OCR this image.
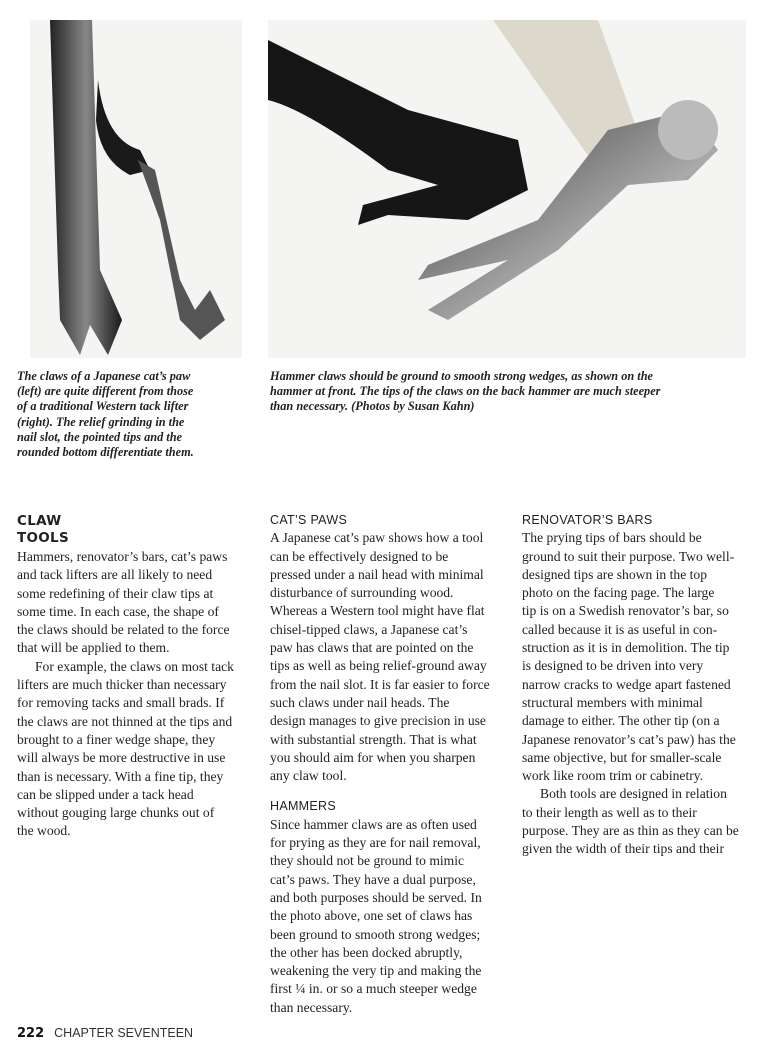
The claws of a Japanese cat’s paw
(left) are quite different from those
of a traditional Western tack lifter
(right). The relief grinding in the
nail slot, the pointed tips and the
rounded bottom differentiate them.
Hammer claws should be ground to smooth strong wedges, as shown on the
hammer at front. The tips of the claws on the back hammer are much steeper
than necessary. (Photos by Susan Kahn)
CLAW
TOOLS
Hammers, renovator’s bars, cat’s paws
and tack lifters are all likely to need
some redefining of their claw tips at
some time. In each case, the shape of
the claws should be related to the force
that will be applied to them.
For example, the claws on most tack
lifters are much thicker than necessary
for removing tacks and small brads. If
the claws are not thinned at the tips and
brought to a finer wedge shape, they
will always be more destructive in use
than is necessary. With a fine tip, they
can be slipped under a tack head
without gouging large chunks out of
the wood.
CAT’S PAWS
A Japanese cat’s paw shows how a tool
can be effectively designed to be
pressed under a nail head with minimal
disturbance of surrounding wood.
Whereas a Western tool might have flat
chisel-tipped claws, a Japanese cat’s
paw has claws that are pointed on the
tips as well as being relief-ground away
from the nail slot. It is far easier to force
such claws under nail heads. The
design manages to give precision in use
with substantial strength. That is what
you should aim for when you sharpen
any claw tool.
HAMMERS
Since hammer claws are as often used
for prying as they are for nail removal,
they should not be ground to mimic
cat’s paws. They have a dual purpose,
and both purposes should be served. In
the photo above, one set of claws has
been ground to smooth strong wedges;
the other has been docked abruptly,
weakening the very tip and making the
first ¼ in. or so a much steeper wedge
than necessary.
RENOVATOR’S BARS
The prying tips of bars should be
ground to suit their purpose. Two well-
designed tips are shown in the top
photo on the facing page. The large
tip is on a Swedish renovator’s bar, so
called because it is as useful in con-
struction as it is in demolition. The tip
is designed to be driven into very
narrow cracks to wedge apart fastened
structural members with minimal
damage to either. The other tip (on a
Japanese renovator’s cat’s paw) has the
same objective, but for smaller-scale
work like room trim or cabinetry.
Both tools are designed in relation
to their length as well as to their
purpose. They are as thin as they can be
given the width of their tips and their
222 CHAPTER SEVENTEEN
